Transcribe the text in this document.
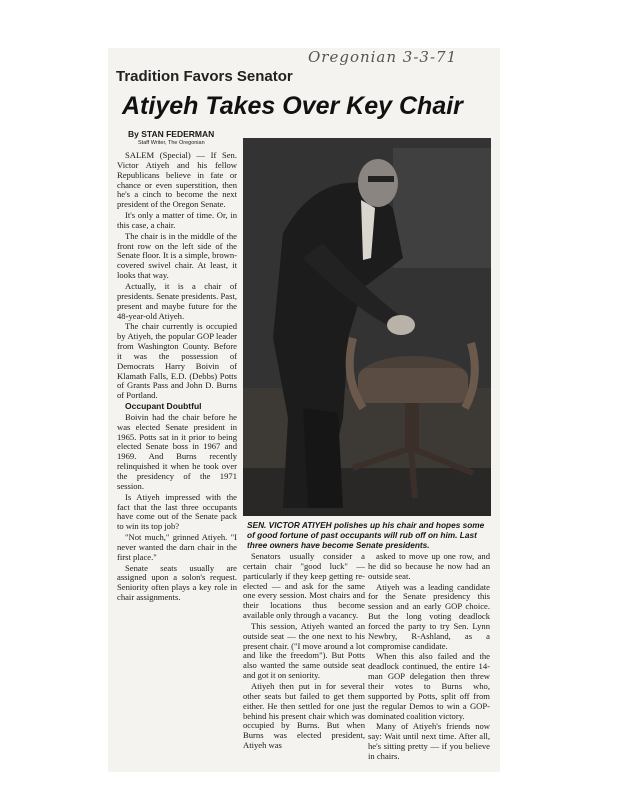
Oregonian 3-3-71
Tradition Favors Senator
Atiyeh Takes Over Key Chair
By STAN FEDERMAN
Staff Writer, The Oregonian

SALEM (Special) — If Sen. Victor Atiyeh and his fellow Republicans believe in fate or chance or even superstition, then he's a cinch to become the next president of the Oregon Senate.

It's only a matter of time. Or, in this case, a chair.

The chair is in the middle of the front row on the left side of the Senate floor. It is a simple, brown-covered swivel chair. At least, it looks that way.

Actually, it is a chair of presidents. Senate presidents. Past, present and maybe future for the 48-year-old Atiyeh.

The chair currently is occupied by Atiyeh, the popular GOP leader from Washington County. Before it was the possession of Democrats Harry Boivin of Klamath Falls, E.D. (Debbs) Potts of Grants Pass and John D. Burns of Portland.

Occupant Doubtful

Boivin had the chair before he was elected Senate president in 1965. Potts sat in it prior to being elected Senate boss in 1967 and 1969. And Burns recently relinquished it when he took over the presidency of the 1971 session.

Is Atiyeh impressed with the fact that the last three occupants have come out of the Senate pack to win its top job?

"Not much," grinned Atiyeh. "I never wanted the darn chair in the first place."

Senate seats usually are assigned upon a solon's request. Seniority often plays a key role in chair assignments.

SEN. VICTOR ATIYEH polishes up his chair and hopes some of good fortune of past occupants will rub off on him. Last three owners have become Senate presidents.

Senators usually consider a certain chair "good luck" — particularly if they keep getting re-elected — and ask for the same one every session. Most chairs and their locations thus become available only through a vacancy.

This session, Atiyeh wanted an outside seat — the one next to his present chair. ("I move around a lot and like the freedom"). But Potts also wanted the same outside seat and got it on seniority.

Atiyeh then put in for several other seats but failed to get them either. He then settled for one just behind his present chair which was occupied by Burns. But when Burns was elected president, Atiyeh was

asked to move up one row, and he did so because he now had an outside seat.

Atiyeh was a leading candidate for the Senate presidency this session and an early GOP choice. But the long voting deadlock forced the party to try Sen. Lynn Newbry, R-Ashland, as a compromise candidate.

When this also failed and the deadlock continued, the entire 14-man GOP delegation then threw their votes to Burns who, supported by Potts, split off from the regular Demos to win a GOP-dominated coalition victory.

Many of Atiyeh's friends now say: Wait until next time. After all, he's sitting pretty — if you believe in chairs.
